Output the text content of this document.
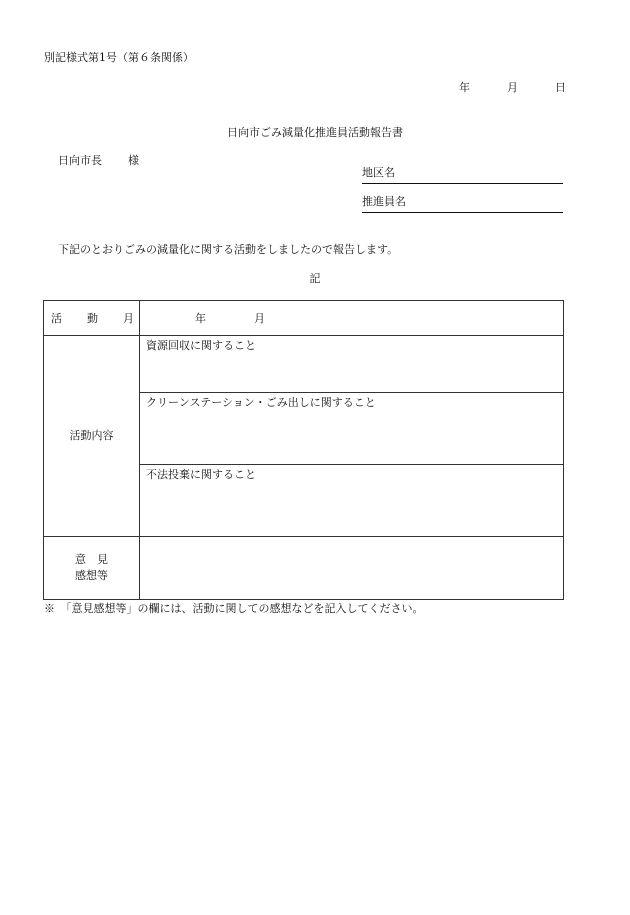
別記様式第1号（第６条関係）
年	月	日
日向市ごみ減量化推進員活動報告書
日向市長 様
地区名
推進員名
下記のとおりごみの減量化に関する活動をしましたので報告します。
記
活 動 月	年 月

活動内容	資源回収に関すること
	クリーンステーション・ごみ出しに関すること
	不法投棄に関すること

意　見
感想等	

※　「意見感想等」の欄には、活動に関しての感想などを記入してください。
